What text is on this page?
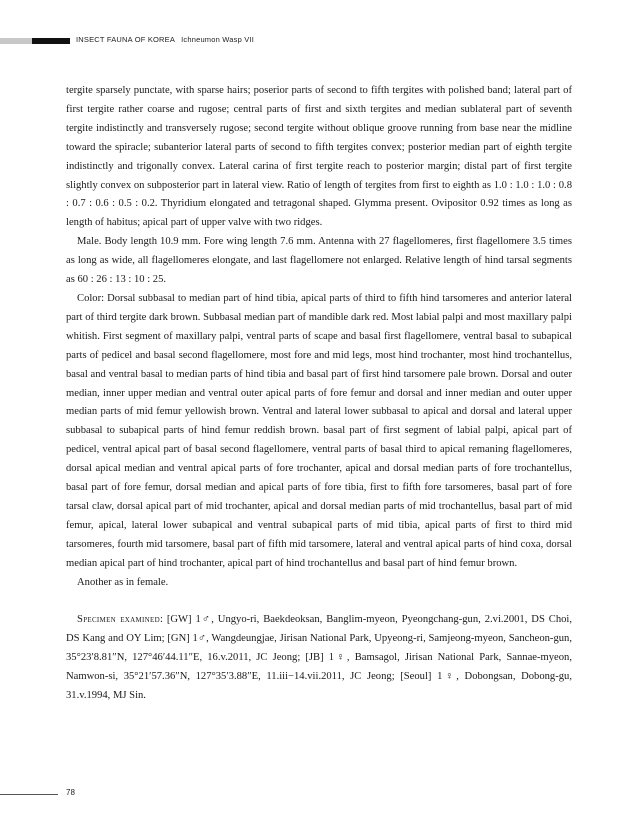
INSECT FAUNA OF KOREA Ichneumon Wasp VII

tergite sparsely punctate, with sparse hairs; poserior parts of second to fifth tergites with polished band; lateral part of first tergite rather coarse and rugose; central parts of first and sixth tergites and median sublateral part of seventh tergite indistinctly and transversely rugose; second tergite without oblique groove running from base near the midline toward the spiracle; subanterior lateral parts of second to fifth tergites convex; posterior median part of eighth tergite indistinctly and trigonally convex. Lateral carina of first tergite reach to posterior margin; distal part of first tergite slightly convex on subposterior part in lateral view. Ratio of length of tergites from first to eighth as 1.0 : 1.0 : 1.0 : 0.8 : 0.7 : 0.6 : 0.5 : 0.2. Thyridium elongated and tetragonal shaped. Glymma present. Ovipositor 0.92 times as long as length of habitus; apical part of upper valve with two ridges.

Male. Body length 10.9 mm. Fore wing length 7.6 mm. Antenna with 27 flagellomeres, first flagellomere 3.5 times as long as wide, all flagellomeres elongate, and last flagellomere not enlarged. Relative length of hind tarsal segments as 60 : 26 : 13 : 10 : 25.

Color: Dorsal subbasal to median part of hind tibia, apical parts of third to fifth hind tarsomeres and anterior lateral part of third tergite dark brown. Subbasal median part of mandible dark red. Most labial palpi and most maxillary palpi whitish. First segment of maxillary palpi, ventral parts of scape and basal first flagellomere, ventral basal to subapical parts of pedicel and basal second flagellomere, most fore and mid legs, most hind trochanter, most hind trochantellus, basal and ventral basal to median parts of hind tibia and basal part of first hind tarsomere pale brown. Dorsal and outer median, inner upper median and ventral outer apical parts of fore femur and dorsal and inner median and outer upper median parts of mid femur yellowish brown. Ventral and lateral lower subbasal to apical and dorsal and lateral upper subbasal to subapical parts of hind femur reddish brown. basal part of first segment of labial palpi, apical part of pedicel, ventral apical part of basal second flagellomere, ventral parts of basal third to apical remaning flagellomeres, dorsal apical median and ventral apical parts of fore trochanter, apical and dorsal median parts of fore trochantellus, basal part of fore femur, dorsal median and apical parts of fore tibia, first to fifth fore tarsomeres, basal part of fore tarsal claw, dorsal apical part of mid trochanter, apical and dorsal median parts of mid trochantellus, basal part of mid femur, apical, lateral lower subapical and ventral subapical parts of mid tibia, apical parts of first to third mid tarsomeres, fourth mid tarsomere, basal part of fifth mid tarsomere, lateral and ventral apical parts of hind coxa, dorsal median apical part of hind trochanter, apical part of hind trochantellus and basal part of hind femur brown.

Another as in female.

Specimen examined: [GW] 1♂, Ungyo-ri, Baekdeoksan, Banglim-myeon, Pyeongchang-gun, 2.vi.2001, DS Choi, DS Kang and OY Lim; [GN] 1♂, Wangdeungjae, Jirisan National Park, Upyeong-ri, Samjeong-myeon, Sancheon-gun, 35°23′8.81″N, 127°46′44.11″E, 16.v.2011, JC Jeong; [JB] 1♀, Bamsagol, Jirisan National Park, Sannae-myeon, Namwon-si, 35°21′57.36″N, 127°35′3.88″E, 11.iii−14.vii.2011, JC Jeong; [Seoul] 1♀, Dobongsan, Dobong-gu, 31.v.1994, MJ Sin.

78
